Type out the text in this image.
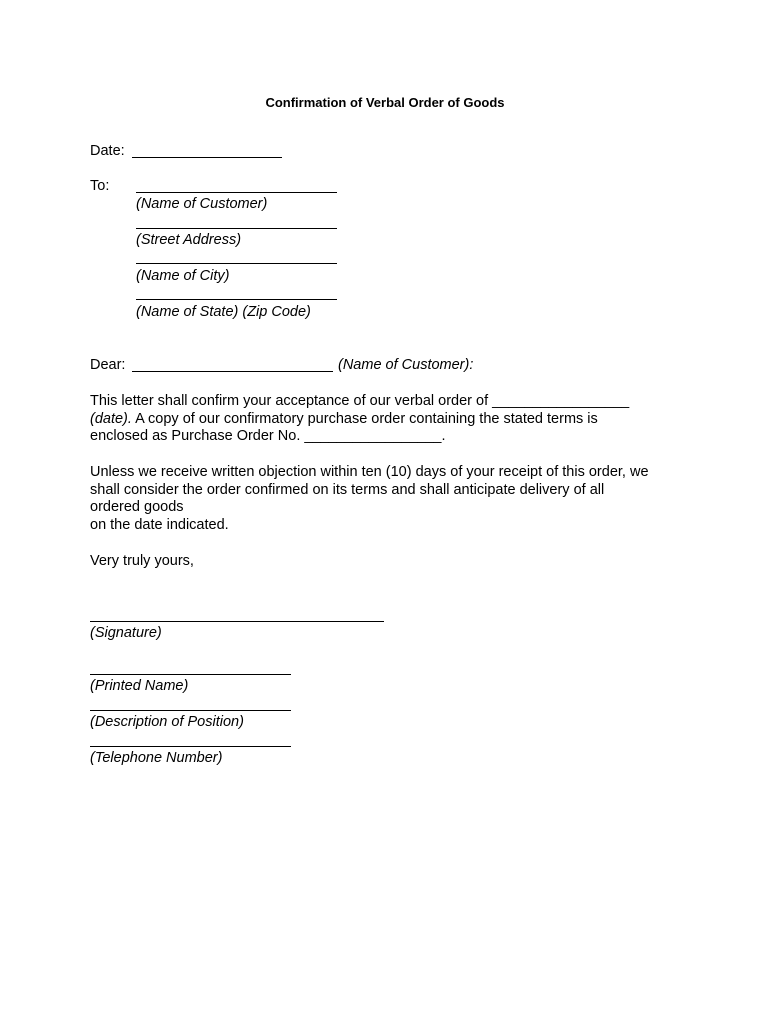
Confirmation of Verbal Order of Goods
Date:
To:
(Name of Customer)
(Street Address)
(Name of City)
(Name of State) (Zip Code)
Dear:	(Name of Customer):
This letter shall confirm your acceptance of our verbal order of _________________
(date). A copy of our confirmatory purchase order containing the stated terms is
enclosed as Purchase Order No. _________________.
Unless we receive written objection within ten (10) days of your receipt of this order, we
shall consider the order confirmed on its terms and shall anticipate delivery of all
ordered goods
on the date indicated.
Very truly yours,
(Signature)
(Printed Name)
(Description of Position)
(Telephone Number)
